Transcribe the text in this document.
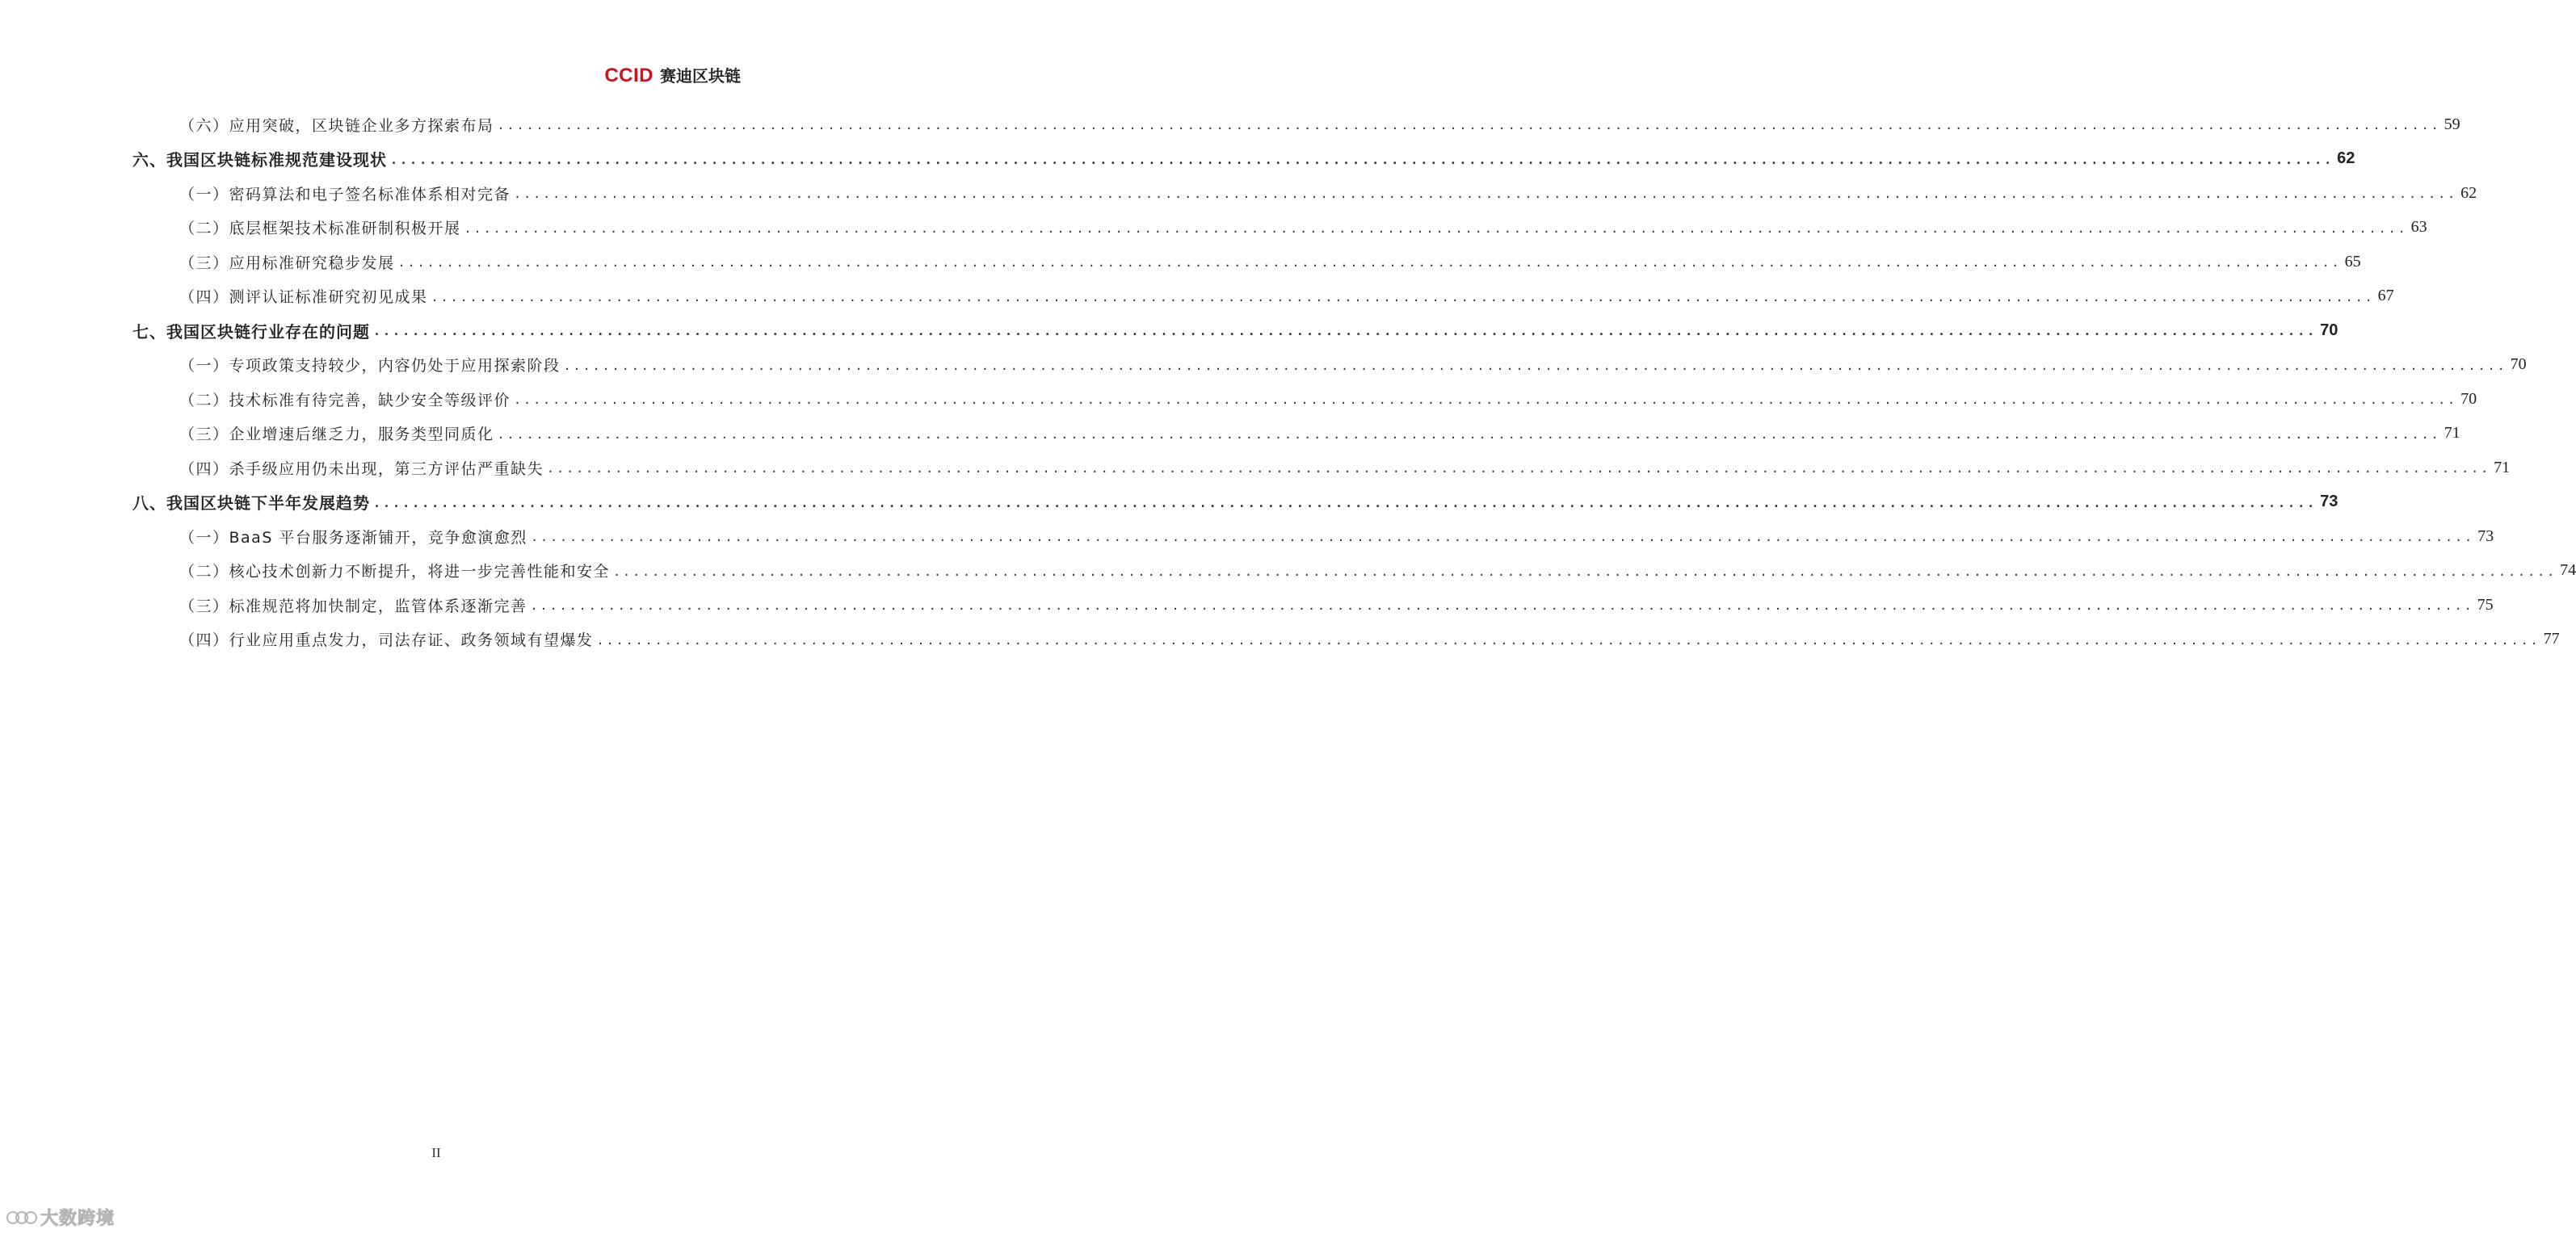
CCID 赛迪区块链
（六）应用突破，区块链企业多方探索布局 ........................................................................................................................................................................................................ 59
六、我国区块链标准规范建设现状 ........................................................................................................................................................................................................ 62
（一）密码算法和电子签名标准体系相对完备 ........................................................................................................................................................................................................ 62
（二）底层框架技术标准研制积极开展 ........................................................................................................................................................................................................ 63
（三）应用标准研究稳步发展 ........................................................................................................................................................................................................ 65
（四）测评认证标准研究初见成果 ........................................................................................................................................................................................................ 67
七、我国区块链行业存在的问题 ........................................................................................................................................................................................................ 70
（一）专项政策支持较少，内容仍处于应用探索阶段 ........................................................................................................................................................................................................ 70
（二）技术标准有待完善，缺少安全等级评价 ........................................................................................................................................................................................................ 70
（三）企业增速后继乏力，服务类型同质化 ........................................................................................................................................................................................................ 71
（四）杀手级应用仍未出现，第三方评估严重缺失 ........................................................................................................................................................................................................ 71
八、我国区块链下半年发展趋势 ........................................................................................................................................................................................................ 73
（一）BaaS 平台服务逐渐铺开，竞争愈演愈烈 ........................................................................................................................................................................................................ 73
（二）核心技术创新力不断提升，将进一步完善性能和安全 ........................................................................................................................................................................................................ 74
（三）标准规范将加快制定，监管体系逐渐完善 ........................................................................................................................................................................................................ 75
（四）行业应用重点发力，司法存证、政务领域有望爆发 ........................................................................................................................................................................................................ 77
II
大数跨境
